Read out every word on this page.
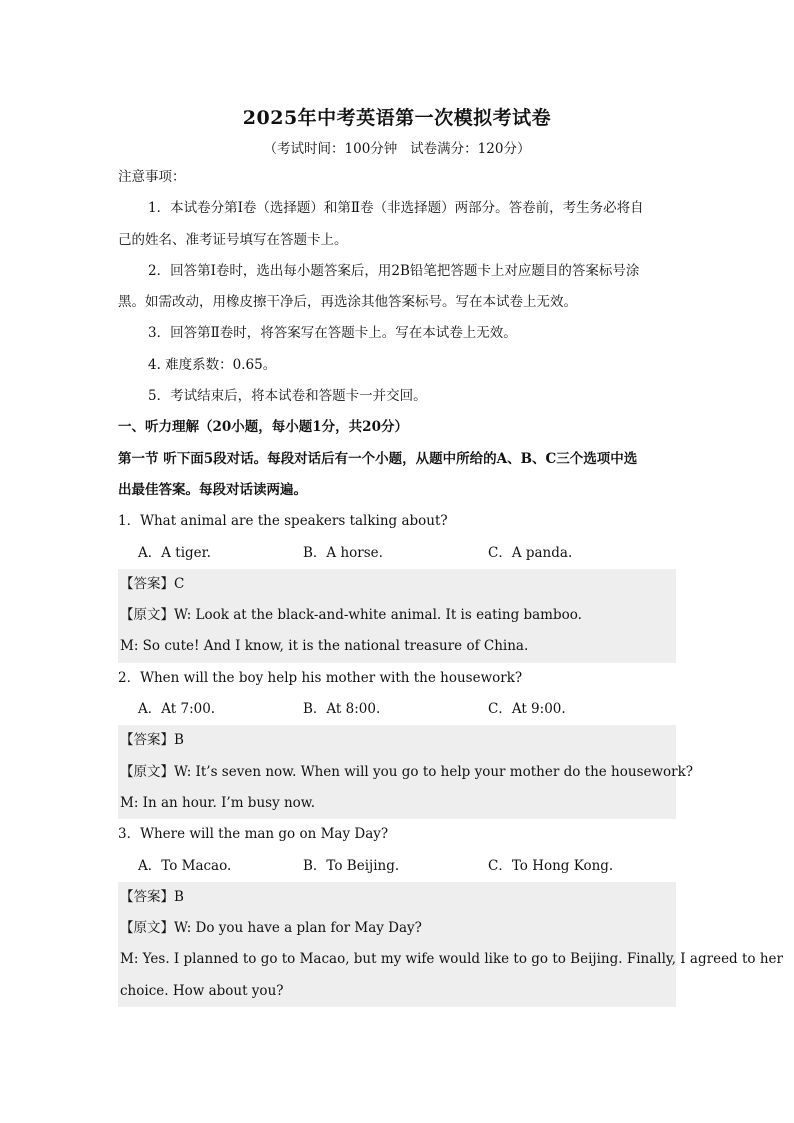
2025年中考英语第一次模拟考试卷
（考试时间：100分钟   试卷满分：120分）
注意事项：
1．本试卷分第Ⅰ卷（选择题）和第Ⅱ卷（非选择题）两部分。答卷前，考生务必将自
己的姓名、准考证号填写在答题卡上。
2．回答第Ⅰ卷时，选出每小题答案后，用2B铅笔把答题卡上对应题目的答案标号涂
黑。如需改动，用橡皮擦干净后，再选涂其他答案标号。写在本试卷上无效。
3．回答第Ⅱ卷时，将答案写在答题卡上。写在本试卷上无效。
4. 难度系数：0.65。
5．考试结束后，将本试卷和答题卡一并交回。
一、听力理解（20小题，每小题1分，共20分）
第一节 听下面5段对话。每段对话后有一个小题，从题中所给的A、B、C三个选项中选
出最佳答案。每段对话读两遍。
1．What animal are the speakers talking about?
A．A tiger.	B．A horse.	C．A panda.
【答案】C
【原文】W: Look at the black-and-white animal. It is eating bamboo.
M: So cute! And I know, it is the national treasure of China.
2．When will the boy help his mother with the housework?
A．At 7:00.	B．At 8:00.	C．At 9:00.
【答案】B
【原文】W: It’s seven now. When will you go to help your mother do the housework?
M: In an hour. I’m busy now.
3．Where will the man go on May Day?
A．To Macao.	B．To Beijing.	C．To Hong Kong.
【答案】B
【原文】W: Do you have a plan for May Day?
M: Yes. I planned to go to Macao, but my wife would like to go to Beijing. Finally, I agreed to her
choice. How about you?
